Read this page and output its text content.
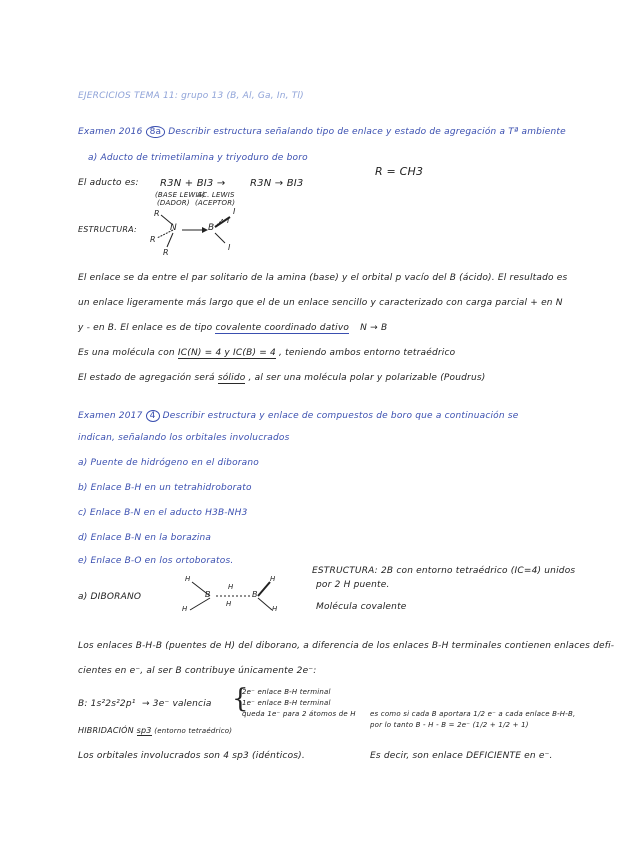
EJERCICIOS TEMA 11: grupo 13 (B, Al, Ga, In, Tl)
Examen 2016 8a Describir estructura señalando tipo de enlace y estado de agregación a Tª ambiente
a) Aducto de trimetilamina y triyoduro de boro
R = CH3
El aducto es: R3N + BI3 → R3N → BI3
(BASE LEWIS)
(DADOR)
AC. LEWIS
(ACEPTOR)
ESTRUCTURA:	N	B
R
R
R
I
I
I
El enlace se da entre el par solitario de la amina (base) y el orbital p vacío del B (ácido). El resultado es
un enlace ligeramente más largo que el de un enlace sencillo y caracterizado con carga parcial + en N
y - en B. El enlace es de tipo covalente coordinado dativo N → B
Es una molécula con IC(N) = 4 y IC(B) = 4 , teniendo ambos entorno tetraédrico
El estado de agregación será sólido , al ser una molécula polar y polarizable (Poudrus)
Examen 2017 4 Describir estructura y enlace de compuestos de boro que a continuación se
indican, señalando los orbitales involucrados
a) Puente de hidrógeno en el diborano
b) Enlace B-H en un tetrahidroborato
c) Enlace B-N en el aducto H3B-NH3
d) Enlace B-N en la borazina
e) Enlace B-O en los ortoboratos.
a) DIBORANO	B	B
H
H
H
H
H
H
ESTRUCTURA: 2B con entorno tetraédrico (IC=4) unidos
por 2 H puente.
Molécula covalente
Los enlaces B-H-B (puentes de H) del diborano, a diferencia de los enlaces B-H terminales contienen enlaces defi-
cientes en e⁻, al ser B contribuye únicamente 2e⁻:
B: 1s²2s²2p¹ → 3e⁻ valencia {
2e⁻ enlace B-H terminal
1e⁻ enlace B-H terminal
queda 1e⁻ para 2 átomos de H es como si cada B aportara 1/2 e⁻ a cada enlace B-H-B,
por lo tanto B - H - B = 2e⁻ (1/2 + 1/2 + 1)
HIBRIDACIÓN sp3 (entorno tetraédrico)
Los orbitales involucrados son 4 sp3 (idénticos).	Es decir, son enlace DEFICIENTE en e⁻.
